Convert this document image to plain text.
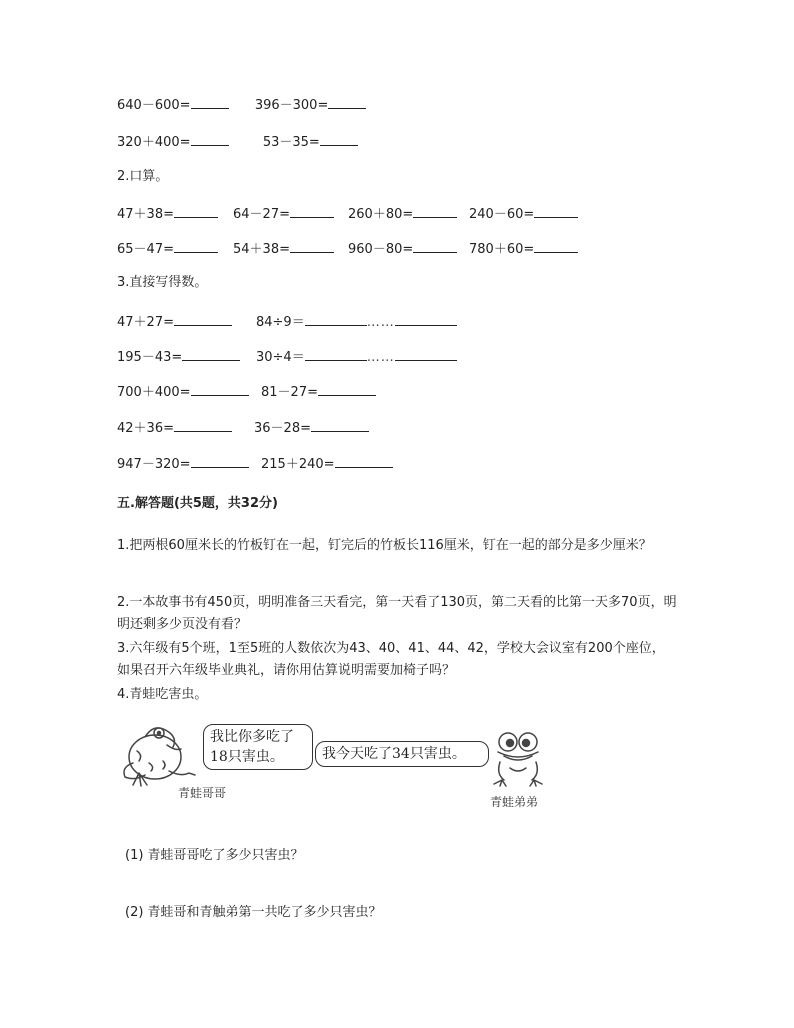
640－600=	396－300=
320＋400=	53－35=
2.口算。
47＋38=	64－27=	260＋80=	240－60=
65－47=	54＋38=	960－80=	780＋60=
3.直接写得数。
47＋27=	84÷9＝	……
195－43=	30÷4＝	……
700＋400=	81－27=
42＋36=	36－28=
947－320=	215＋240=
五.解答题(共5题，共32分)
1.把两根60厘米长的竹板钉在一起，钉完后的竹板长116厘米，钉在一起的部分是多少厘米？
2.一本故事书有450页，明明准备三天看完，第一天看了130页，第二天看的比第一天多70页，明明还剩多少页没有看？
3.六年级有5个班，1至5班的人数依次为43、40、41、44、42，学校大会议室有200个座位，如果召开六年级毕业典礼，请你用估算说明需要加椅子吗？
4.青蛙吃害虫。
我比你多吃了
18只害虫。
青蛙哥哥
我今天吃了34只害虫。
青蛙弟弟
(1) 青蛙哥哥吃了多少只害虫？
(2) 青蛙哥和青触弟第一共吃了多少只害虫？
